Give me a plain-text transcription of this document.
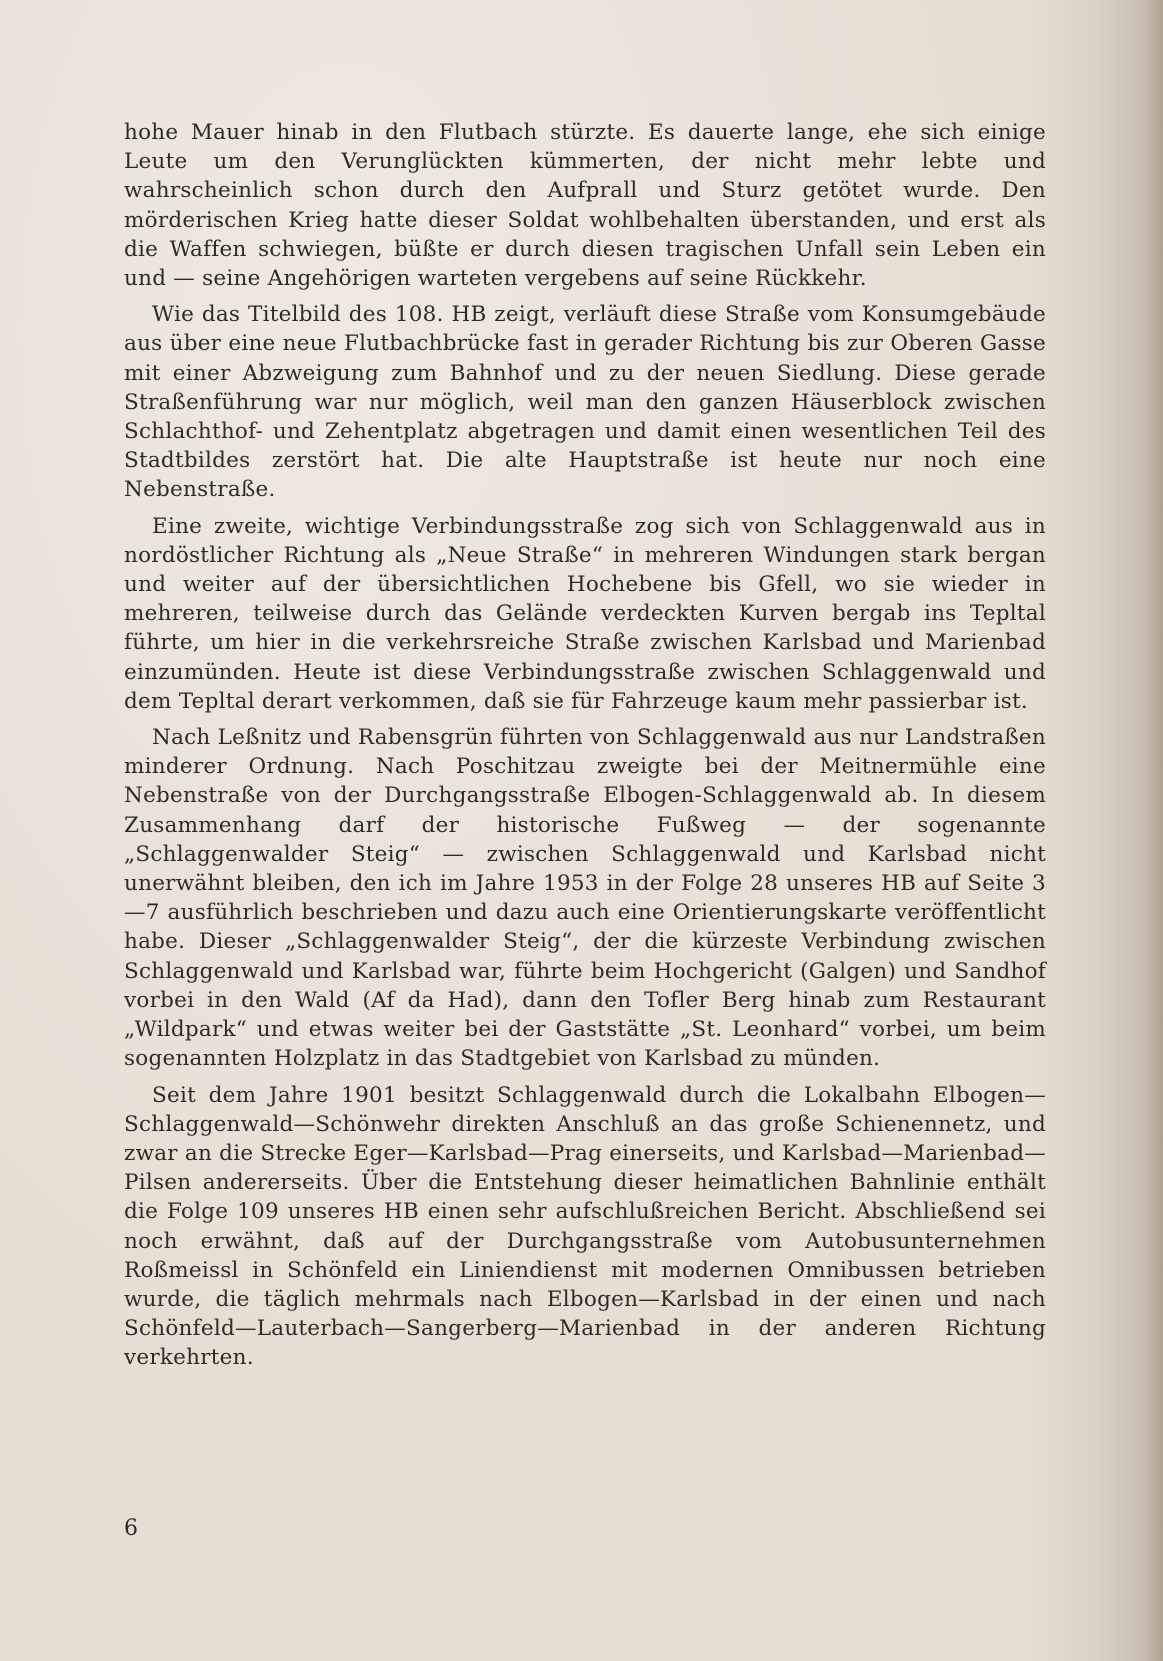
hohe Mauer hinab in den Flutbach stürzte. Es dauerte lange, ehe sich einige Leute um den Verunglückten kümmerten, der nicht mehr lebte und wahrscheinlich schon durch den Aufprall und Sturz getötet wurde. Den mörderischen Krieg hatte dieser Soldat wohlbehalten überstanden, und erst als die Waffen schwiegen, büßte er durch diesen tragischen Unfall sein Leben ein und — seine Angehörigen warteten vergebens auf seine Rückkehr.

Wie das Titelbild des 108. HB zeigt, verläuft diese Straße vom Konsumgebäude aus über eine neue Flutbachbrücke fast in gerader Richtung bis zur Oberen Gasse mit einer Abzweigung zum Bahnhof und zu der neuen Siedlung. Diese gerade Straßenführung war nur möglich, weil man den ganzen Häuserblock zwischen Schlachthof- und Zehentplatz abgetragen und damit einen wesentlichen Teil des Stadtbildes zerstört hat. Die alte Hauptstraße ist heute nur noch eine Nebenstraße.

Eine zweite, wichtige Verbindungsstraße zog sich von Schlaggenwald aus in nordöstlicher Richtung als „Neue Straße“ in mehreren Windungen stark bergan und weiter auf der übersichtlichen Hochebene bis Gfell, wo sie wieder in mehreren, teilweise durch das Gelände verdeckten Kurven bergab ins Tepltal führte, um hier in die verkehrsreiche Straße zwischen Karlsbad und Marienbad einzumünden. Heute ist diese Verbindungsstraße zwischen Schlaggenwald und dem Tepltal derart verkommen, daß sie für Fahrzeuge kaum mehr passierbar ist.

Nach Leßnitz und Rabensgrün führten von Schlaggenwald aus nur Landstraßen minderer Ordnung. Nach Poschitzau zweigte bei der Meitnermühle eine Nebenstraße von der Durchgangsstraße Elbogen-Schlaggenwald ab. In diesem Zusammenhang darf der historische Fußweg — der sogenannte „Schlaggenwalder Steig“ — zwischen Schlaggenwald und Karlsbad nicht unerwähnt bleiben, den ich im Jahre 1953 in der Folge 28 unseres HB auf Seite 3—7 ausführlich beschrieben und dazu auch eine Orientierungskarte veröffentlicht habe. Dieser „Schlaggenwalder Steig“, der die kürzeste Verbindung zwischen Schlaggenwald und Karlsbad war, führte beim Hochgericht (Galgen) und Sandhof vorbei in den Wald (Af da Had), dann den Tofler Berg hinab zum Restaurant „Wildpark“ und etwas weiter bei der Gaststätte „St. Leonhard“ vorbei, um beim sogenannten Holzplatz in das Stadtgebiet von Karlsbad zu münden.

Seit dem Jahre 1901 besitzt Schlaggenwald durch die Lokalbahn Elbogen—Schlaggenwald—Schönwehr direkten Anschluß an das große Schienennetz, und zwar an die Strecke Eger—Karlsbad—Prag einerseits, und Karlsbad—Marienbad—Pilsen andererseits. Über die Entstehung dieser heimatlichen Bahnlinie enthält die Folge 109 unseres HB einen sehr aufschlußreichen Bericht. Abschließend sei noch erwähnt, daß auf der Durchgangsstraße vom Autobusunternehmen Roßmeissl in Schönfeld ein Liniendienst mit modernen Omnibussen betrieben wurde, die täglich mehrmals nach Elbogen—Karlsbad in der einen und nach Schönfeld—Lauterbach—Sangerberg—Marienbad in der anderen Richtung verkehrten.

6
